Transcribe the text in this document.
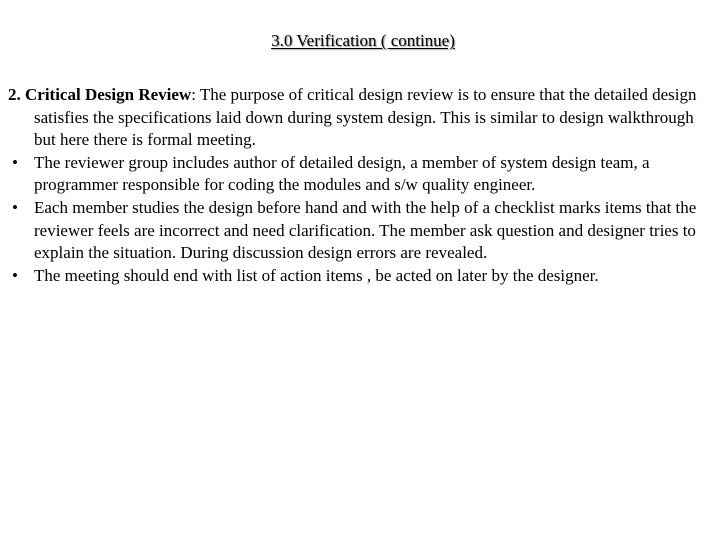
3.0 Verification ( continue)

2. Critical Design Review: The purpose of critical design review is to ensure that the detailed design satisfies the specifications laid down during system design. This is similar to design walkthrough but here there is formal meeting.

• The reviewer group includes author of detailed design, a member of system design team, a programmer responsible for coding the modules and s/w quality engineer.
• Each member studies the design before hand and with the help of a checklist marks items that the reviewer feels are incorrect and need clarification. The member ask question and designer tries to explain the situation. During discussion design errors are revealed.
• The meeting should end with list of action items , be acted on later by the designer.
